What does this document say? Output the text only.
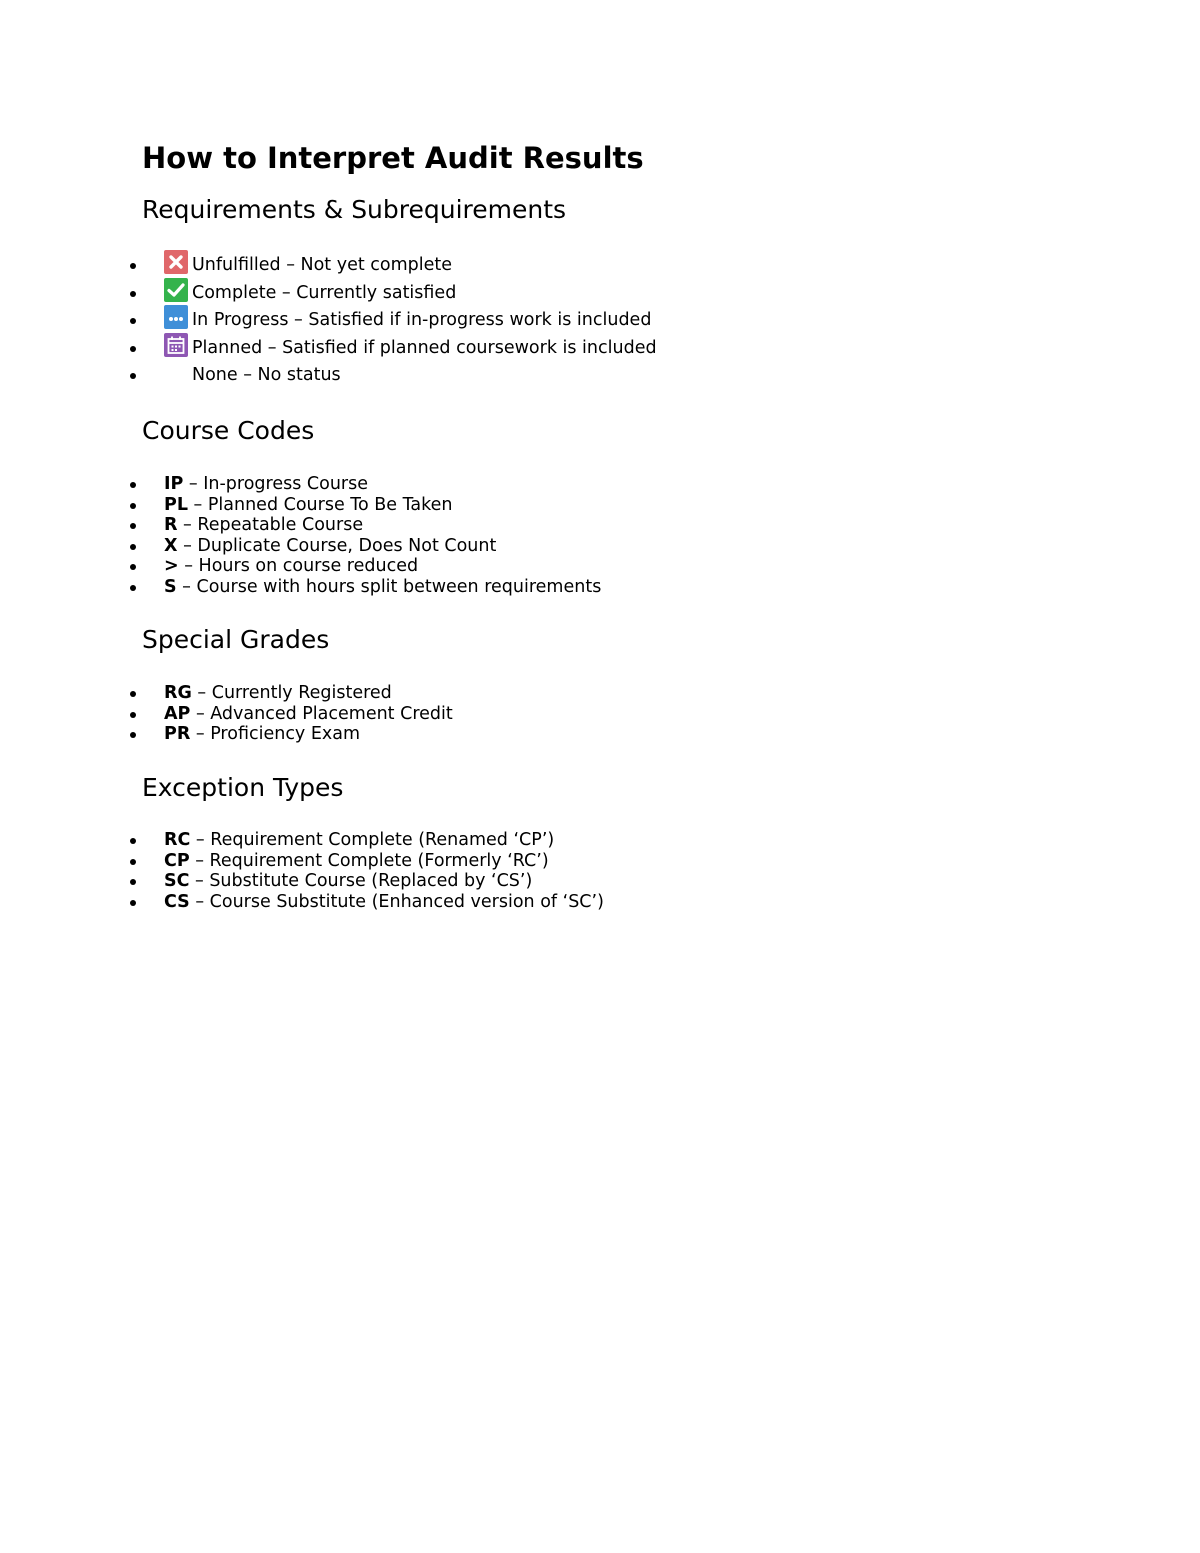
How to Interpret Audit Results
Requirements & Subrequirements
Unfulfilled – Not yet complete
Complete – Currently satisfied
In Progress – Satisfied if in-progress work is included
Planned – Satisfied if planned coursework is included
None – No status
Course Codes
IP – In-progress Course
PL – Planned Course To Be Taken
R – Repeatable Course
X – Duplicate Course, Does Not Count
> – Hours on course reduced
S – Course with hours split between requirements
Special Grades
RG – Currently Registered
AP – Advanced Placement Credit
PR – Proficiency Exam
Exception Types
RC – Requirement Complete (Renamed ‘CP’)
CP – Requirement Complete (Formerly ‘RC’)
SC – Substitute Course (Replaced by ‘CS’)
CS – Course Substitute (Enhanced version of ‘SC’)
